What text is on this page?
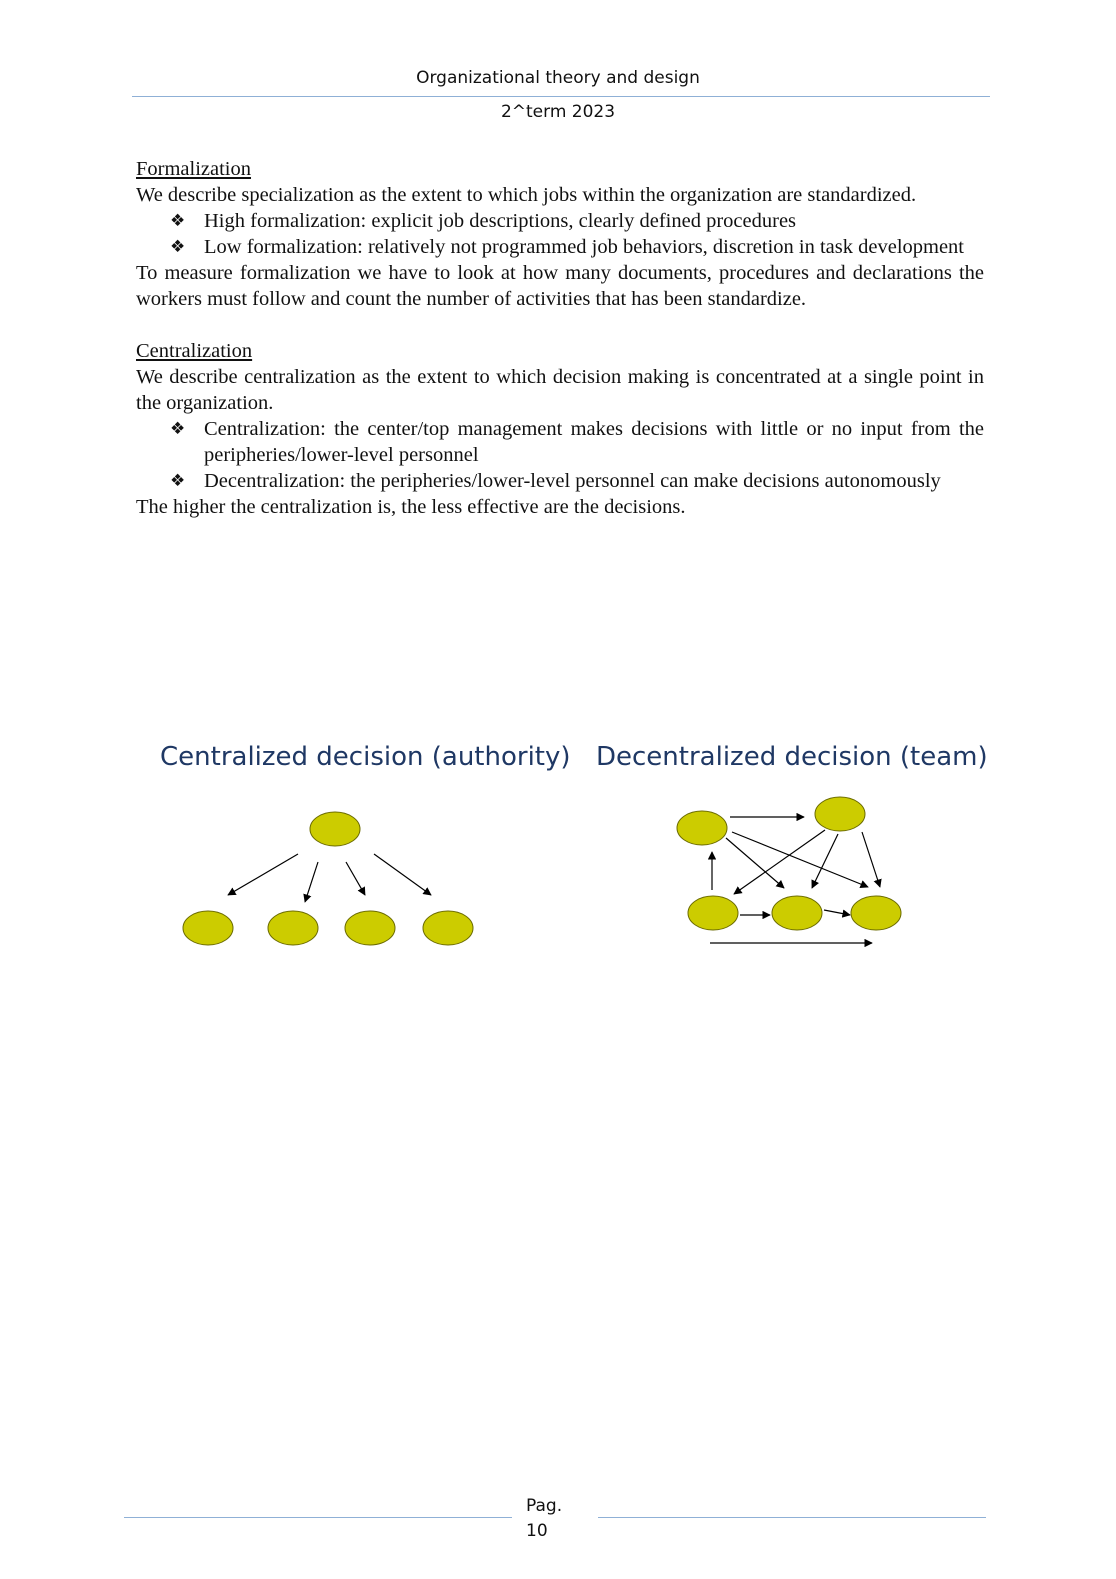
Organizational theory and design
2^term 2023

Formalization

We describe specialization as the extent to which jobs within the organization are standardized.

❖ High formalization: explicit job descriptions, clearly defined procedures
❖ Low formalization: relatively not programmed job behaviors, discretion in task development

To measure formalization we have to look at how many documents, procedures and declarations the workers must follow and count the number of activities that has been standardize.

Centralization

We describe centralization as the extent to which decision making is concentrated at a single point in the organization.

❖ Centralization: the center/top management makes decisions with little or no input from the peripheries/lower-level personnel
❖ Decentralization: the peripheries/lower-level personnel can make decisions autonomously

The higher the centralization is, the less effective are the decisions.

Centralized decision (authority) Decentralized decision (team)
Pag.
10
